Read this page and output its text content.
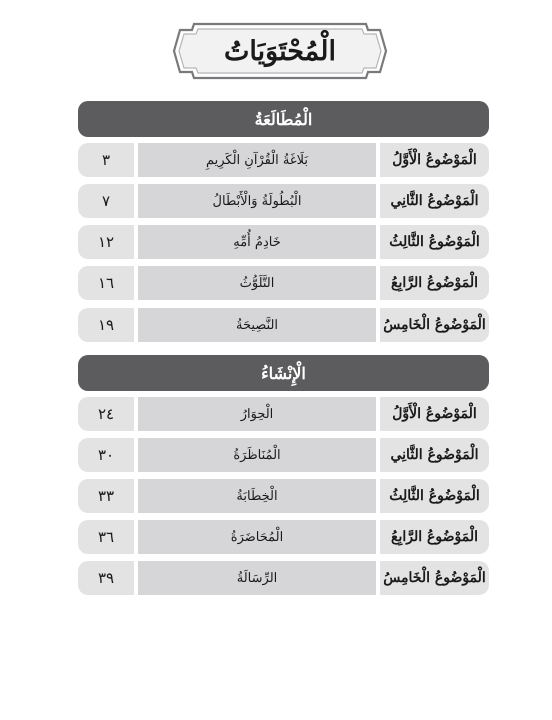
الْمُحْتَوَيَاتُ
الْمُطَالَعَةُ
٣	بَلَاغَةُ الْقُرْآنِ الْكَرِيمِ	الْمَوْضُوعُ الْأَوَّلُ
٧	الْبُطُولَةُ وَالْأَبْطَالُ	الْمَوْضُوعُ الثَّانِي
١٢	خَادِمُ أُمِّهِ	الْمَوْضُوعُ الثَّالِثُ
١٦	التَّلَوُّثُ	الْمَوْضُوعُ الرَّابِعُ
١٩	النَّصِيحَةُ	الْمَوْضُوعُ الْخَامِسُ
الْإِنْشَاءُ
٢٤	الْحِوَارُ	الْمَوْضُوعُ الْأَوَّلُ
٣٠	الْمُنَاظَرَةُ	الْمَوْضُوعُ الثَّانِي
٣٣	الْخِطَابَةُ	الْمَوْضُوعُ الثَّالِثُ
٣٦	الْمُحَاضَرَةُ	الْمَوْضُوعُ الرَّابِعُ
٣٩	الرِّسَالَةُ	الْمَوْضُوعُ الْخَامِسُ
